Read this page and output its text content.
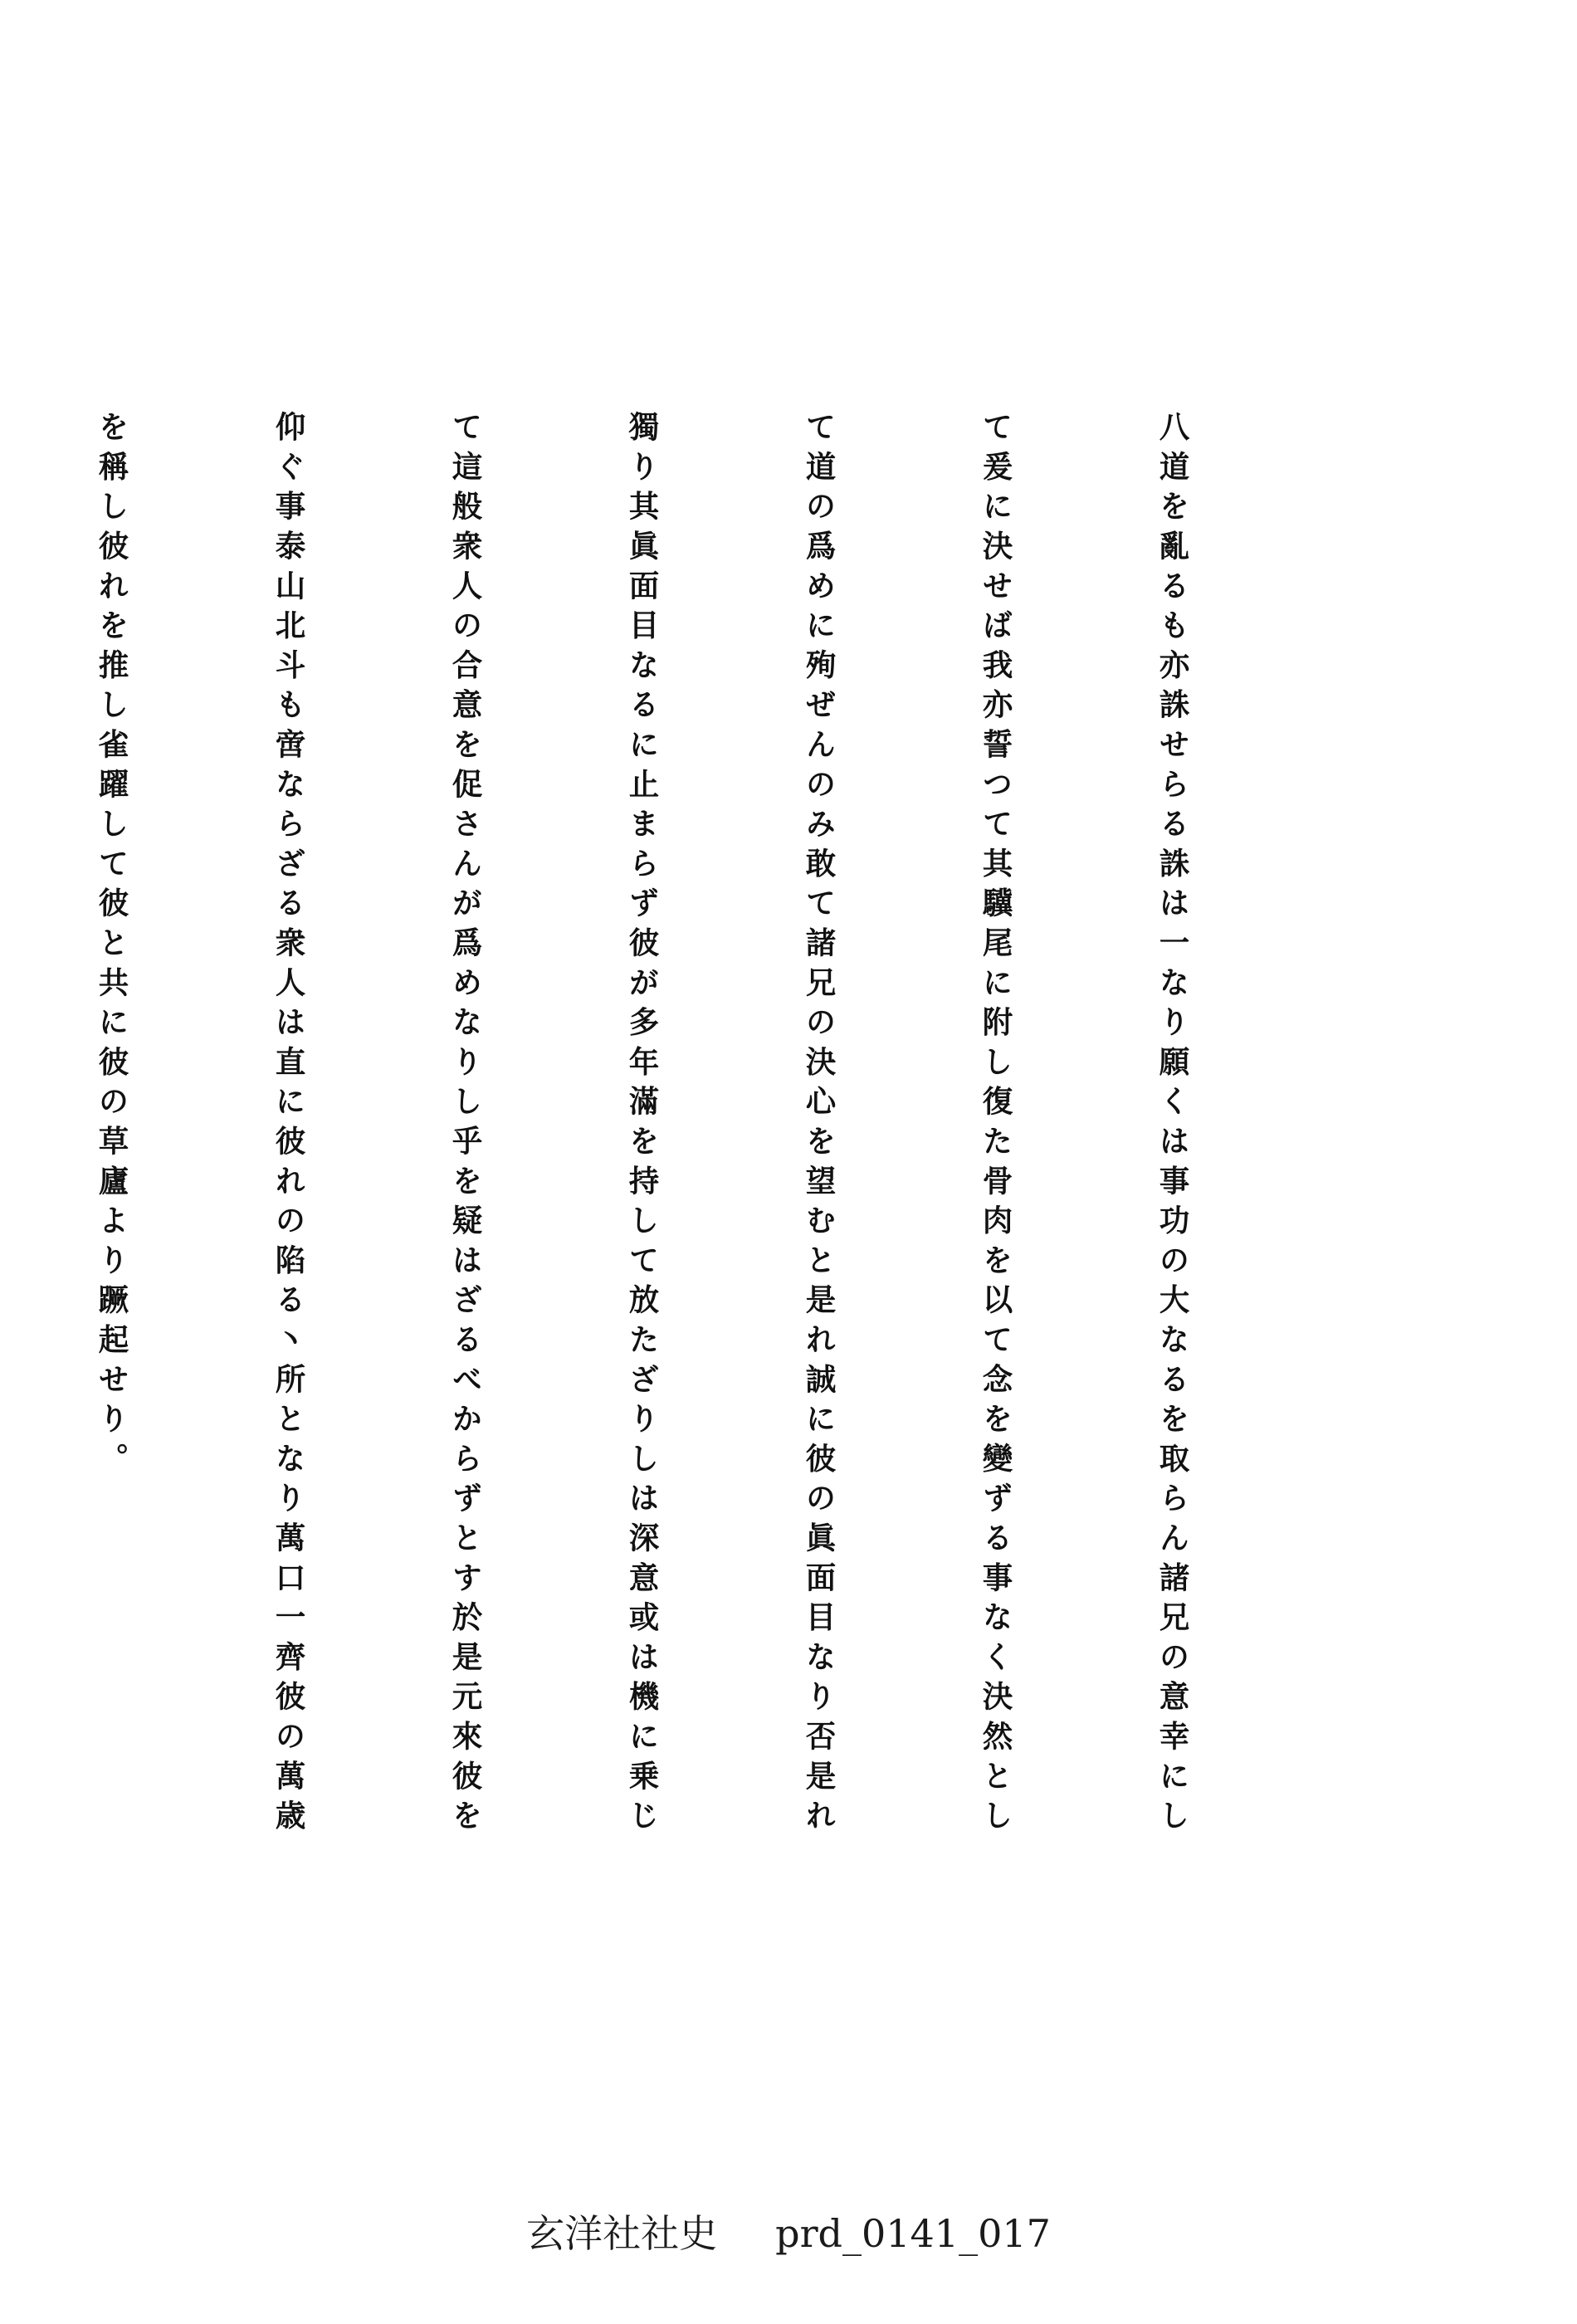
八道を亂るも亦誅せらる誅は一なり願くは事功の大なるを取らん諸兄の意幸にし

て爰に決せば我亦誓つて其驥尾に附し復た骨肉を以て念を變ずる事なく決然とし

て道の爲めに殉ぜんのみ敢て諸兄の決心を望むと是れ誠に彼の眞面目なり否是れ

獨り其眞面目なるに止まらず彼が多年滿を持して放たざりしは深意或は機に乗じ

て這般衆人の合意を促さんが爲めなりし乎を疑はざるべからずとす於是元來彼を

仰ぐ事泰山北斗も啻ならざる衆人は直に彼れの陷る丶所となり萬口一齊彼の萬歳

を稱し彼れを推し雀躍して彼と共に彼の草廬より蹶起せり。

玄洋社社史 prd_0141_017
